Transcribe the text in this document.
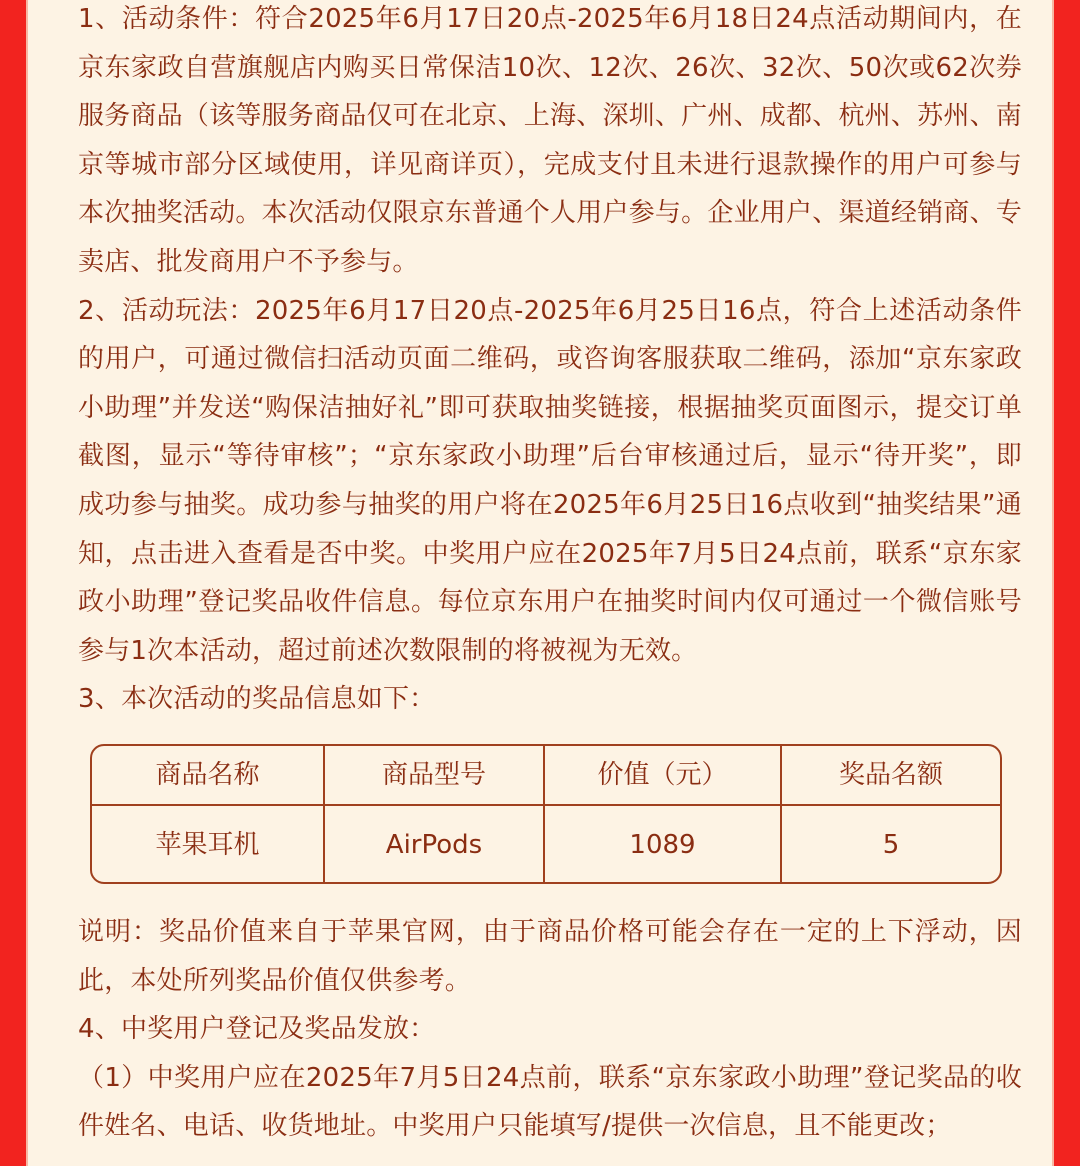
1、活动条件：符合2025年6月17日20点-2025年6月18日24点活动期间内，在京东家政自营旗舰店内购买日常保洁10次、12次、26次、32次、50次或62次券服务商品（该等服务商品仅可在北京、上海、深圳、广州、成都、杭州、苏州、南京等城市部分区域使用，详见商详页），完成支付且未进行退款操作的用户可参与本次抽奖活动。本次活动仅限京东普通个人用户参与。企业用户、渠道经销商、专卖店、批发商用户不予参与。

2、活动玩法：2025年6月17日20点-2025年6月25日16点，符合上述活动条件的用户，可通过微信扫活动页面二维码，或咨询客服获取二维码，添加“京东家政小助理”并发送“购保洁抽好礼”即可获取抽奖链接，根据抽奖页面图示，提交订单截图，显示“等待审核”；“京东家政小助理”后台审核通过后，显示“待开奖”，即成功参与抽奖。成功参与抽奖的用户将在2025年6月25日16点收到“抽奖结果”通知，点击进入查看是否中奖。中奖用户应在2025年7月5日24点前，联系“京东家政小助理”登记奖品收件信息。每位京东用户在抽奖时间内仅可通过一个微信账号参与1次本活动，超过前述次数限制的将被视为无效。

3、本次活动的奖品信息如下：

商品名称	商品型号	价值（元）	奖品名额
苹果耳机	AirPods	1089	5

说明：奖品价值来自于苹果官网，由于商品价格可能会存在一定的上下浮动，因此，本处所列奖品价值仅供参考。

4、中奖用户登记及奖品发放：

（1）中奖用户应在2025年7月5日24点前，联系“京东家政小助理”登记奖品的收件姓名、电话、收货地址。中奖用户只能填写/提供一次信息，且不能更改；
